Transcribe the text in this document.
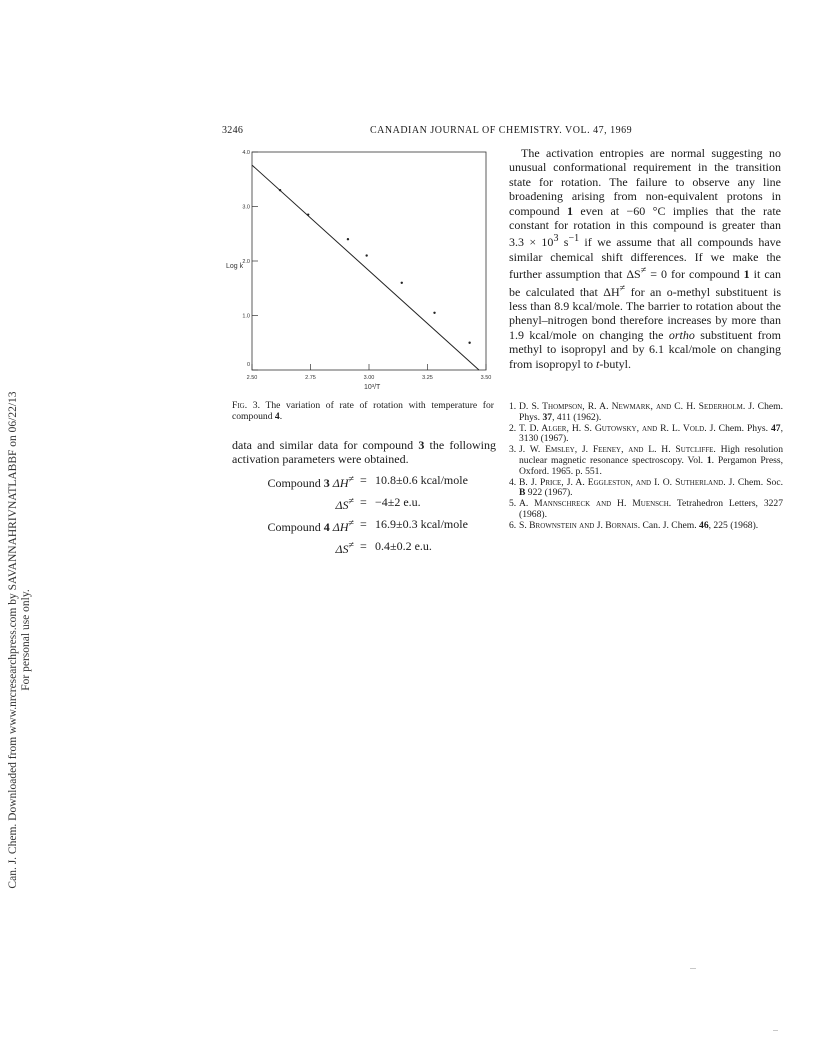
Can. J. Chem. Downloaded from www.nrcresearchpress.com by SAVANNAHRIVNATLABBF on 06/22/13 For personal use only.
3246	CANADIAN JOURNAL OF CHEMISTRY. VOL. 47, 1969
2.50	2.75	3.00	3.25	3.50
0
1.0
2.0
3.0
4.0
Log k
10³/T
Fig. 3. The variation of rate of rotation with temperature for compound 4.
data and similar data for compound 3 the following activation parameters were obtained.
Compound 3 ΔH≠ = 10.8±0.6 kcal/mole
ΔS≠ = −4±2 e.u.
Compound 4 ΔH≠ = 16.9±0.3 kcal/mole
ΔS≠ = 0.4±0.2 e.u.
The activation entropies are normal suggesting no unusual conformational requirement in the transition state for rotation. The failure to observe any line broadening arising from non-equivalent protons in compound 1 even at −60 °C implies that the rate constant for rotation in this compound is greater than $3.3 \times 10^3$ $s^{-1}$ if we assume that all compounds have similar chemical shift differences. If we make the further assumption that ΔS≠ = 0 for compound 1 it can be calculated that ΔH≠ for an o-methyl substituent is less than 8.9 kcal/mole. The barrier to rotation about the phenyl–nitrogen bond therefore increases by more than 1.9 kcal/mole on changing the ortho substituent from methyl to isopropyl and by 6.1 kcal/mole on changing from isopropyl to t-butyl.
1. D. S. Thompson, R. A. Newmark, and C. H. Sederholm. J. Chem. Phys. 37, 411 (1962).
2. T. D. Alger, H. S. Gutowsky, and R. L. Vold. J. Chem. Phys. 47, 3130 (1967).
3. J. W. Emsley, J. Feeney, and L. H. Sutcliffe. High resolution nuclear magnetic resonance spectroscopy. Vol. 1. Pergamon Press, Oxford. 1965. p. 551.
4. B. J. Price, J. A. Eggleston, and I. O. Sutherland. J. Chem. Soc. B 922 (1967).
5. A. Mannschreck and H. Muensch. Tetrahedron Letters, 3227 (1968).
6. S. Brownstein and J. Bornais. Can. J. Chem. 46, 225 (1968).
